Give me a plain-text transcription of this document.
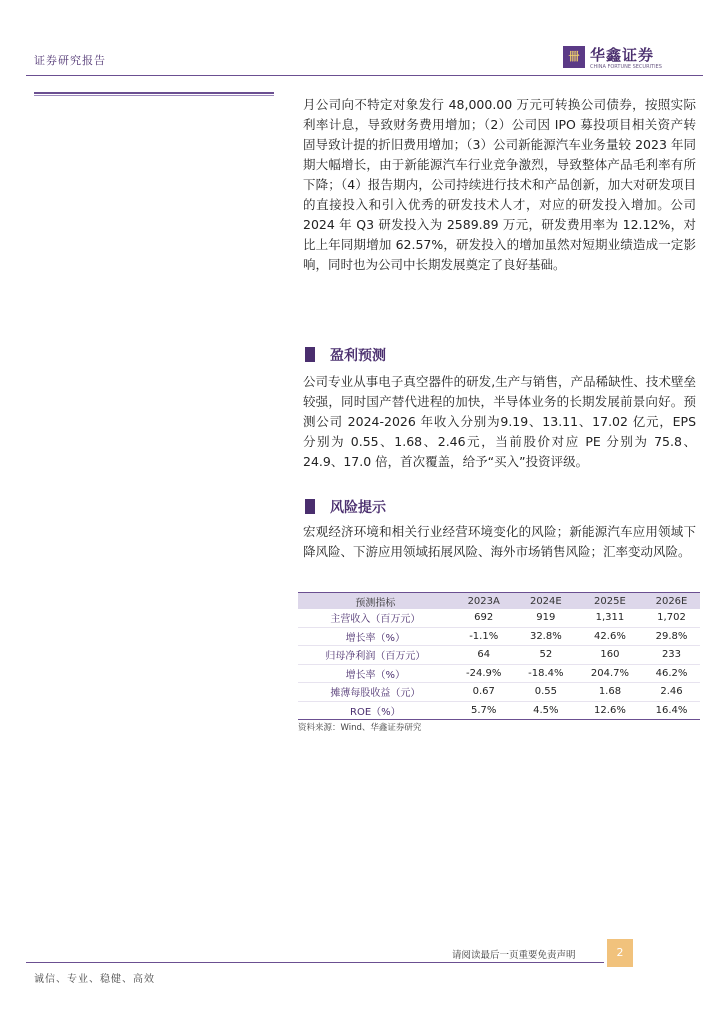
证券研究报告	卌 华鑫证券
CHINA FORTUNE SECURITIES

月公司向不特定对象发行 48,000.00 万元可转换公司债券，按照实际利率计息，导致财务费用增加；（2）公司因 IPO 募投项目相关资产转固导致计提的折旧费用增加；（3）公司新能源汽车业务量较 2023 年同期大幅增长，由于新能源汽车行业竞争激烈，导致整体产品毛利率有所下降；（4）报告期内，公司持续进行技术和产品创新，加大对研发项目的直接投入和引入优秀的研发技术人才，对应的研发投入增加。公司 2024 年 Q3 研发投入为 2589.89 万元，研发费用率为 12.12%，对比上年同期增加 62.57%，研发投入的增加虽然对短期业绩造成一定影响，同时也为公司中长期发展奠定了良好基础。

盈利预测

公司专业从事电子真空器件的研发,生产与销售，产品稀缺性、技术壁垒较强，同时国产替代进程的加快，半导体业务的长期发展前景向好。预测公司 2024-2026 年收入分别为9.19、13.11、17.02 亿元，EPS 分别为 0.55、1.68、2.46元，当前股价对应 PE 分别为 75.8、24.9、17.0 倍，首次覆盖，给予“买入”投资评级。

风险提示

宏观经济环境和相关行业经营环境变化的风险；新能源汽车应用领域下降风险、下游应用领域拓展风险、海外市场销售风险；汇率变动风险。

预测指标	2023A	2024E	2025E	2026E
主营收入（百万元）	692	919	1,311	1,702
增长率（%）	-1.1%	32.8%	42.6%	29.8%
归母净利润（百万元）	64	52	160	233
增长率（%）	-24.9%	-18.4%	204.7%	46.2%
摊薄每股收益（元）	0.67	0.55	1.68	2.46
ROE（%）	5.7%	4.5%	12.6%	16.4%
资料来源：Wind、华鑫证券研究
请阅读最后一页重要免责声明	2
诚信、专业、稳健、高效
